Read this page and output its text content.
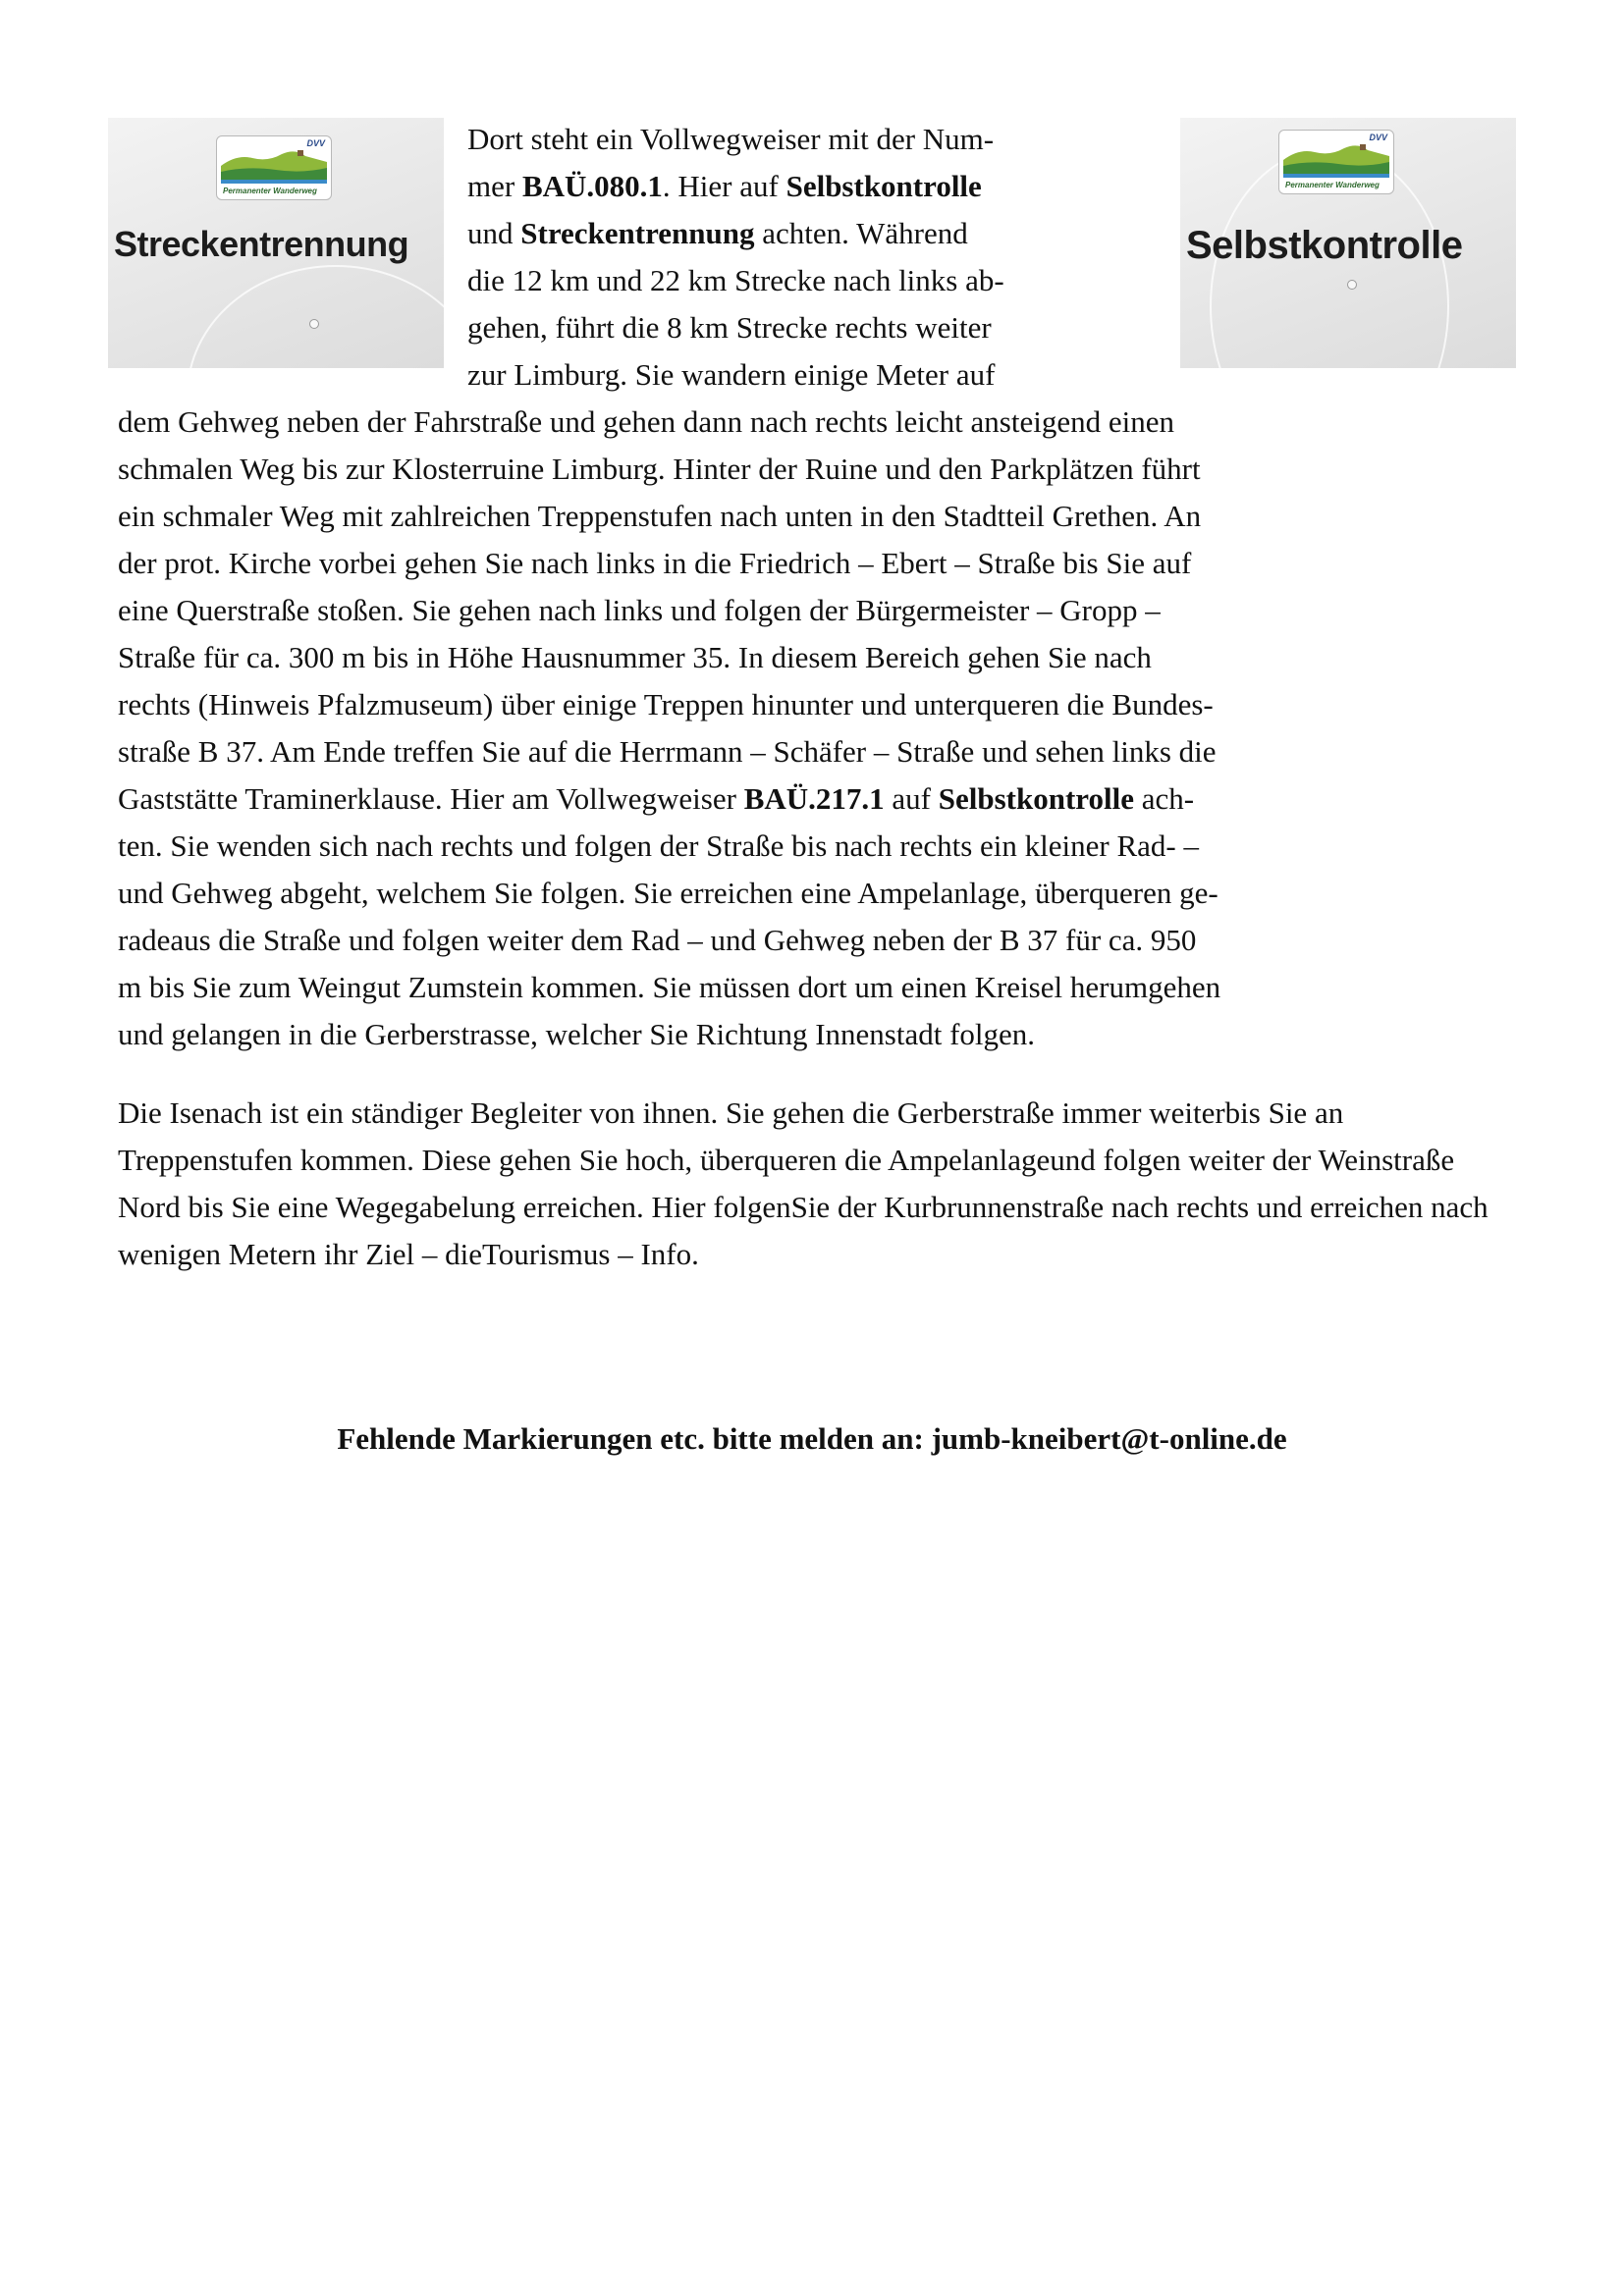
DVV
Permanenter Wanderweg
Streckentrennung
DVV
Permanenter Wanderweg
Selbstkontrolle
Dort steht ein Vollwegweiser mit der Num-
mer BAÜ.080.1. Hier auf Selbstkontrolle
und Streckentrennung achten. Während
die 12 km und 22 km Strecke nach links ab-
gehen, führt die 8 km Strecke rechts weiter
zur Limburg. Sie wandern einige Meter auf
dem Gehweg neben der Fahrstraße und gehen dann nach rechts leicht ansteigend einen
schmalen Weg bis zur Klosterruine Limburg. Hinter der Ruine und den Parkplätzen führt
ein schmaler Weg mit zahlreichen Treppenstufen nach unten in den Stadtteil Grethen. An
der prot. Kirche vorbei gehen Sie nach links in die Friedrich – Ebert – Straße bis Sie auf
eine Querstraße stoßen. Sie gehen nach links und folgen der Bürgermeister – Gropp –
Straße für ca. 300 m bis in Höhe Hausnummer 35. In diesem Bereich gehen Sie nach
rechts (Hinweis Pfalzmuseum) über einige Treppen hinunter und unterqueren die Bundes-
straße B 37. Am Ende treffen Sie auf die Herrmann – Schäfer – Straße und sehen links die
Gaststätte Traminerklause. Hier am Vollwegweiser BAÜ.217.1 auf Selbstkontrolle ach-
ten. Sie wenden sich nach rechts und folgen der Straße bis nach rechts ein kleiner Rad- –
und Gehweg abgeht, welchem Sie folgen. Sie erreichen eine Ampelanlage, überqueren ge-
radeaus die Straße und folgen weiter dem Rad – und Gehweg neben der B 37 für ca. 950
m bis Sie zum Weingut Zumstein kommen. Sie müssen dort um einen Kreisel herumgehen
und gelangen in die Gerberstrasse, welcher Sie Richtung Innenstadt folgen.
Die Isenach ist ein ständiger Begleiter von ihnen. Sie gehen die Gerberstraße immer weiterbis Sie an Treppenstufen kommen. Diese gehen Sie hoch, überqueren die Ampelanlageund folgen weiter der Weinstraße Nord bis Sie eine Wegegabelung erreichen. Hier folgenSie der Kurbrunnenstraße nach rechts und erreichen nach wenigen Metern ihr Ziel – dieTourismus – Info.
Fehlende Markierungen etc. bitte melden an: jumb-kneibert@t-online.de
